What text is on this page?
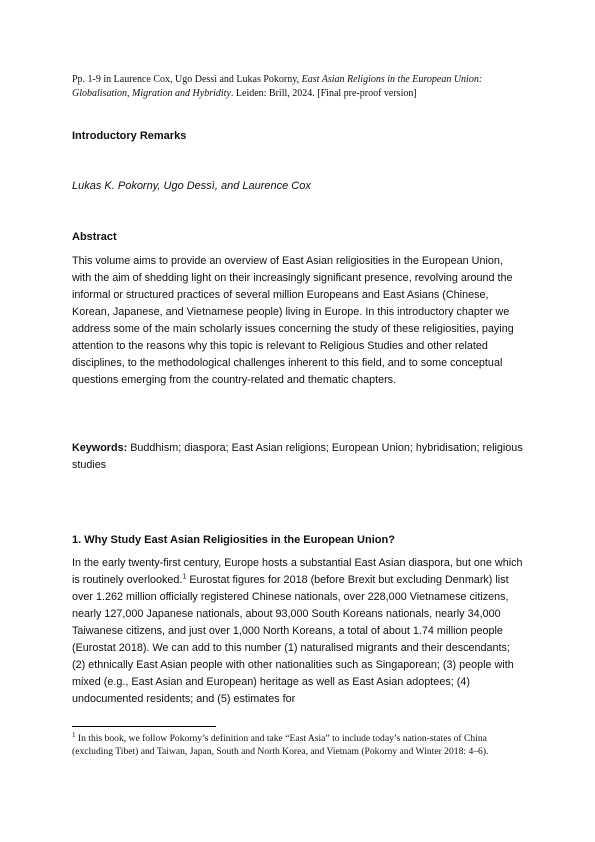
Pp. 1-9 in Laurence Cox, Ugo Dessì and Lukas Pokorny, East Asian Religions in the European Union: Globalisation, Migration and Hybridity. Leiden: Brill, 2024. [Final pre-proof version]
Introductory Remarks
Lukas K. Pokorny, Ugo Dessì, and Laurence Cox
Abstract
This volume aims to provide an overview of East Asian religiosities in the European Union, with the aim of shedding light on their increasingly significant presence, revolving around the informal or structured practices of several million Europeans and East Asians (Chinese, Korean, Japanese, and Vietnamese people) living in Europe. In this introductory chapter we address some of the main scholarly issues concerning the study of these religiosities, paying attention to the reasons why this topic is relevant to Religious Studies and other related disciplines, to the methodological challenges inherent to this field, and to some conceptual questions emerging from the country-related and thematic chapters.
Keywords: Buddhism; diaspora; East Asian religions; European Union; hybridisation; religious studies
1. Why Study East Asian Religiosities in the European Union?
In the early twenty-first century, Europe hosts a substantial East Asian diaspora, but one which is routinely overlooked.$^1$ Eurostat figures for 2018 (before Brexit but excluding Denmark) list over 1.262 million officially registered Chinese nationals, over 228,000 Vietnamese citizens, nearly 127,000 Japanese nationals, about 93,000 South Koreans nationals, nearly 34,000 Taiwanese citizens, and just over 1,000 North Koreans, a total of about 1.74 million people (Eurostat 2018). We can add to this number (1) naturalised migrants and their descendants; (2) ethnically East Asian people with other nationalities such as Singaporean; (3) people with mixed (e.g., East Asian and European) heritage as well as East Asian adoptees; (4) undocumented residents; and (5) estimates for
$^1$ In this book, we follow Pokorny’s definition and take “East Asia” to include today’s nation-states of China (excluding Tibet) and Taiwan, Japan, South and North Korea, and Vietnam (Pokorny and Winter 2018: 4–6).
